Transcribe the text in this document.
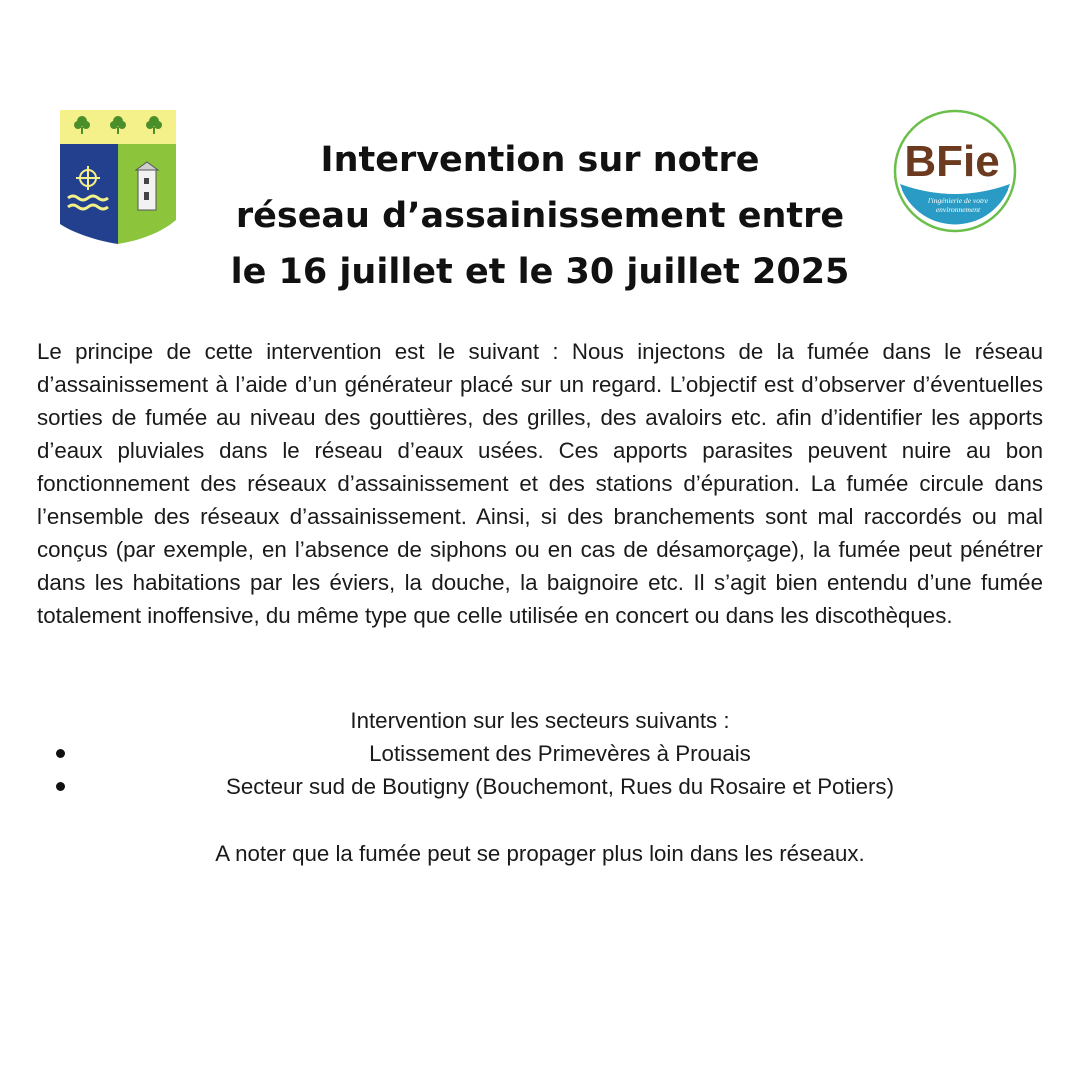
BFie
l'ingénierie de votre
environnement
Intervention sur notre
réseau d’assainissement entre
le 16 juillet et le 30 juillet 2025

Le principe de cette intervention est le suivant : Nous injectons de la fumée dans le réseau d’assainissement à l’aide d’un générateur placé sur un regard. L’objectif est d’observer d’éventuelles sorties de fumée au niveau des gouttières, des grilles, des avaloirs etc. afin d’identifier les apports d’eaux pluviales dans le réseau d’eaux usées. Ces apports parasites peuvent nuire au bon fonctionnement des réseaux d’assainissement et des stations d’épuration. La fumée circule dans l’ensemble des réseaux d’assainissement. Ainsi, si des branchements sont mal raccordés ou mal conçus (par exemple, en l’absence de siphons ou en cas de désamorçage), la fumée peut pénétrer dans les habitations par les éviers, la douche, la baignoire etc. Il s’agit bien entendu d’une fumée totalement inoffensive, du même type que celle utilisée en concert ou dans les discothèques.

Intervention sur les secteurs suivants :
Lotissement des Primevères à Prouais
Secteur sud de Boutigny (Bouchemont, Rues du Rosaire et Potiers)
A noter que la fumée peut se propager plus loin dans les réseaux.
